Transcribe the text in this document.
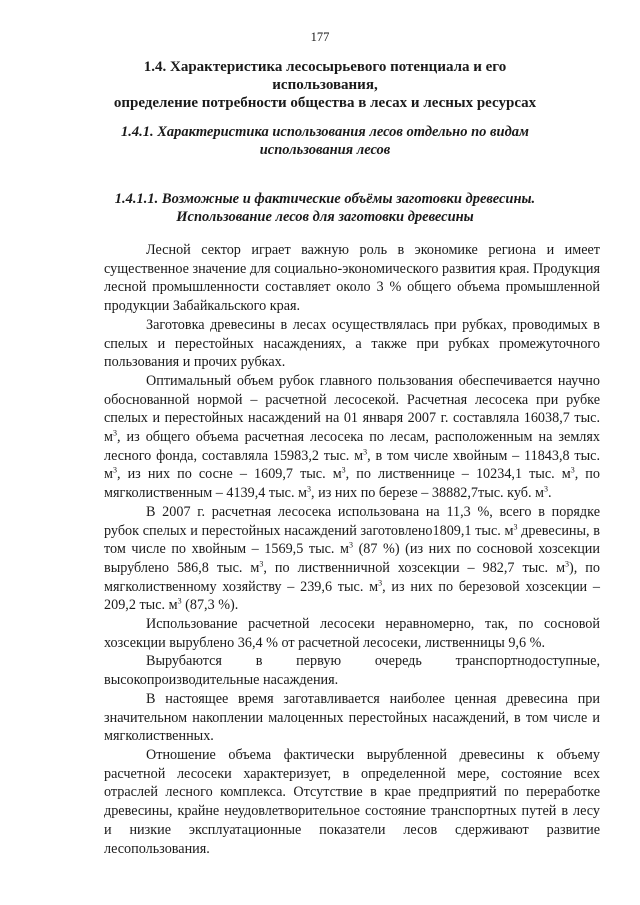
177
1.4. Характеристика лесосырьевого потенциала и его использования,
определение потребности общества в лесах и лесных ресурсах
1.4.1. Характеристика использования лесов отдельно по видам
использования лесов
1.4.1.1. Возможные и фактические объёмы заготовки древесины.
Использование лесов для заготовки древесины

Лесной сектор играет важную роль в экономике региона и имеет существенное значение для социально-экономического развития края. Продукция лесной промышленности составляет около 3 % общего объема промышленной продукции Забайкальского края.

Заготовка древесины в лесах осуществлялась при рубках, проводимых в спелых и перестойных насаждениях, а также при рубках промежуточного пользования и прочих рубках.

Оптимальный объем рубок главного пользования обеспечивается научно обоснованной нормой – расчетной лесосекой. Расчетная лесосека при рубке спелых и перестойных насаждений на 01 января 2007 г. составляла 16038,7 тыс. $м^3$, из общего объема расчетная лесосека по лесам, расположенным на землях лесного фонда, составляла 15983,2 тыс. $м^3$, в том числе хвойным – 11843,8 тыс. $м^3$, из них по сосне – 1609,7 тыс. $м^3$, по лиственнице – 10234,1 тыс. $м^3$, по мягколиственным – 4139,4 тыс. $м^3$, из них по березе – 38882,7тыс. куб. $м^3$.

В 2007 г. расчетная лесосека использована на 11,3 %, всего в порядке рубок спелых и перестойных насаждений заготовлено1809,1 тыс. $м^3$ древесины, в том числе по хвойным – 1569,5 тыс. $м^3$ (87 %) (из них по сосновой хозсекции вырублено 586,8 тыс. $м^3$, по лиственничной хозсекции – 982,7 тыс. $м^3$), по мягколиственному хозяйству – 239,6 тыс. $м^3$, из них по березовой хозсекции – 209,2 тыс. $м^3$ (87,3 %).

Использование расчетной лесосеки неравномерно, так, по сосновой хозсекции вырублено 36,4 % от расчетной лесосеки, лиственницы 9,6 %.

Вырубаются в первую очередь транспортнодоступные, высокопроизводительные насаждения.

В настоящее время заготавливается наиболее ценная древесина при значительном накоплении малоценных перестойных насаждений, в том числе и мягколиственных.

Отношение объема фактически вырубленной древесины к объему расчетной лесосеки характеризует, в определенной мере, состояние всех отраслей лесного комплекса. Отсутствие в крае предприятий по переработке древесины, крайне неудовлетворительное состояние транспортных путей в лесу и низкие эксплуатационные показатели лесов сдерживают развитие лесопользования.
